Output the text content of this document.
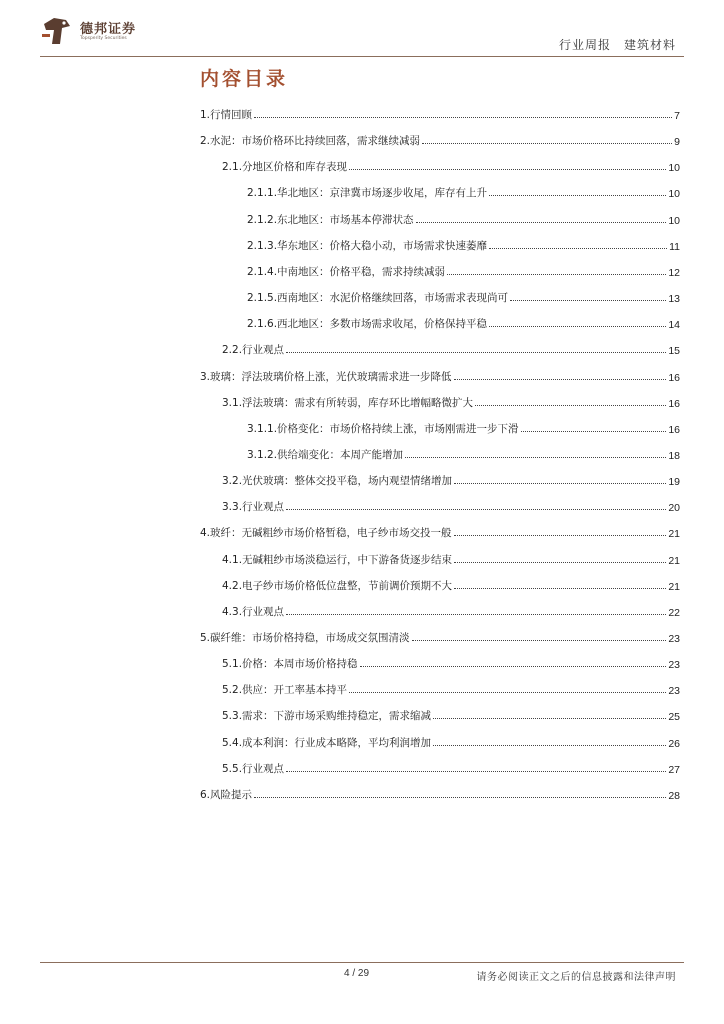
德邦证券
Topsperity Securities	行业周报　建筑材料
内容目录
1.行情回顾	7
2.水泥：市场价格环比持续回落，需求继续减弱	9
2.1.分地区价格和库存表现	10
2.1.1.华北地区：京津冀市场逐步收尾，库存有上升	10
2.1.2.东北地区：市场基本停滞状态	10
2.1.3.华东地区：价格大稳小动，市场需求快速萎靡	11
2.1.4.中南地区：价格平稳，需求持续减弱	12
2.1.5.西南地区：水泥价格继续回落，市场需求表现尚可	13
2.1.6.西北地区：多数市场需求收尾，价格保持平稳	14
2.2.行业观点	15
3.玻璃：浮法玻璃价格上涨，光伏玻璃需求进一步降低	16
3.1.浮法玻璃：需求有所转弱，库存环比增幅略微扩大	16
3.1.1.价格变化：市场价格持续上涨，市场刚需进一步下滑	16
3.1.2.供给端变化：本周产能增加	18
3.2.光伏玻璃：整体交投平稳，场内观望情绪增加	19
3.3.行业观点	20
4.玻纤：无碱粗纱市场价格暂稳，电子纱市场交投一般	21
4.1.无碱粗纱市场淡稳运行，中下游备货逐步结束	21
4.2.电子纱市场价格低位盘整，节前调价预期不大	21
4.3.行业观点	22
5.碳纤维：市场价格持稳，市场成交氛围清淡	23
5.1.价格：本周市场价格持稳	23
5.2.供应：开工率基本持平	23
5.3.需求：下游市场采购维持稳定，需求缩减	25
5.4.成本利润：行业成本略降，平均利润增加	26
5.5.行业观点	27
6.风险提示	28
4 / 29	请务必阅读正文之后的信息披露和法律声明
